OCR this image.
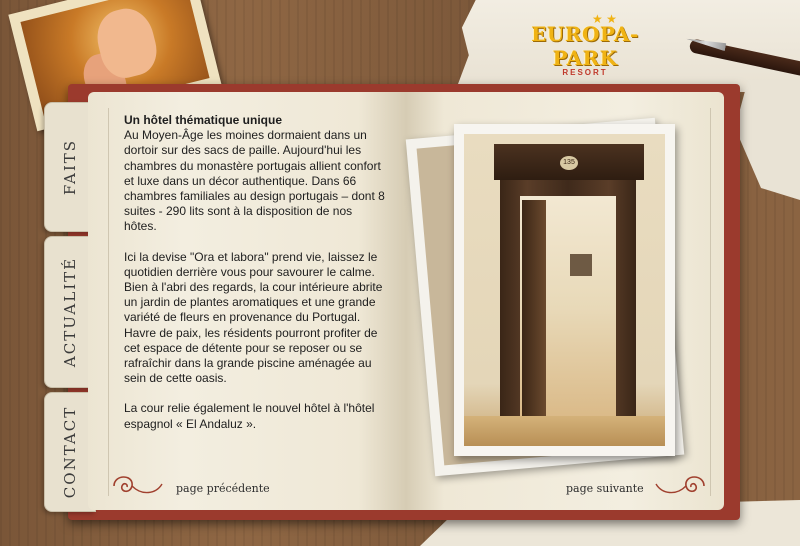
★ ★
EUROPA-PARK
RESORT
FAITS
ACTUALITÉ
CONTACT
Un hôtel thématique unique

Au Moyen-Âge les moines dormaient dans un dortoir sur des sacs de paille. Aujourd'hui les chambres du monastère portugais allient confort et luxe dans un décor authentique. Dans 66 chambres familiales au design portugais – dont 8 suites - 290 lits sont à la disposition de nos hôtes.

Ici la devise "Ora et labora" prend vie, laissez le quotidien derrière vous pour savourer le calme. Bien à l'abri des regards, la cour intérieure abrite un jardin de plantes aromatiques et une grande variété de fleurs en provenance du Portugal. Havre de paix, les résidents pourront profiter de cet espace de détente pour se reposer ou se rafraîchir dans la grande piscine aménagée au sein de cette oasis.

La cour relie également le nouvel hôtel à l'hôtel espagnol « El Andaluz ».

page précédente	page suivante
135
